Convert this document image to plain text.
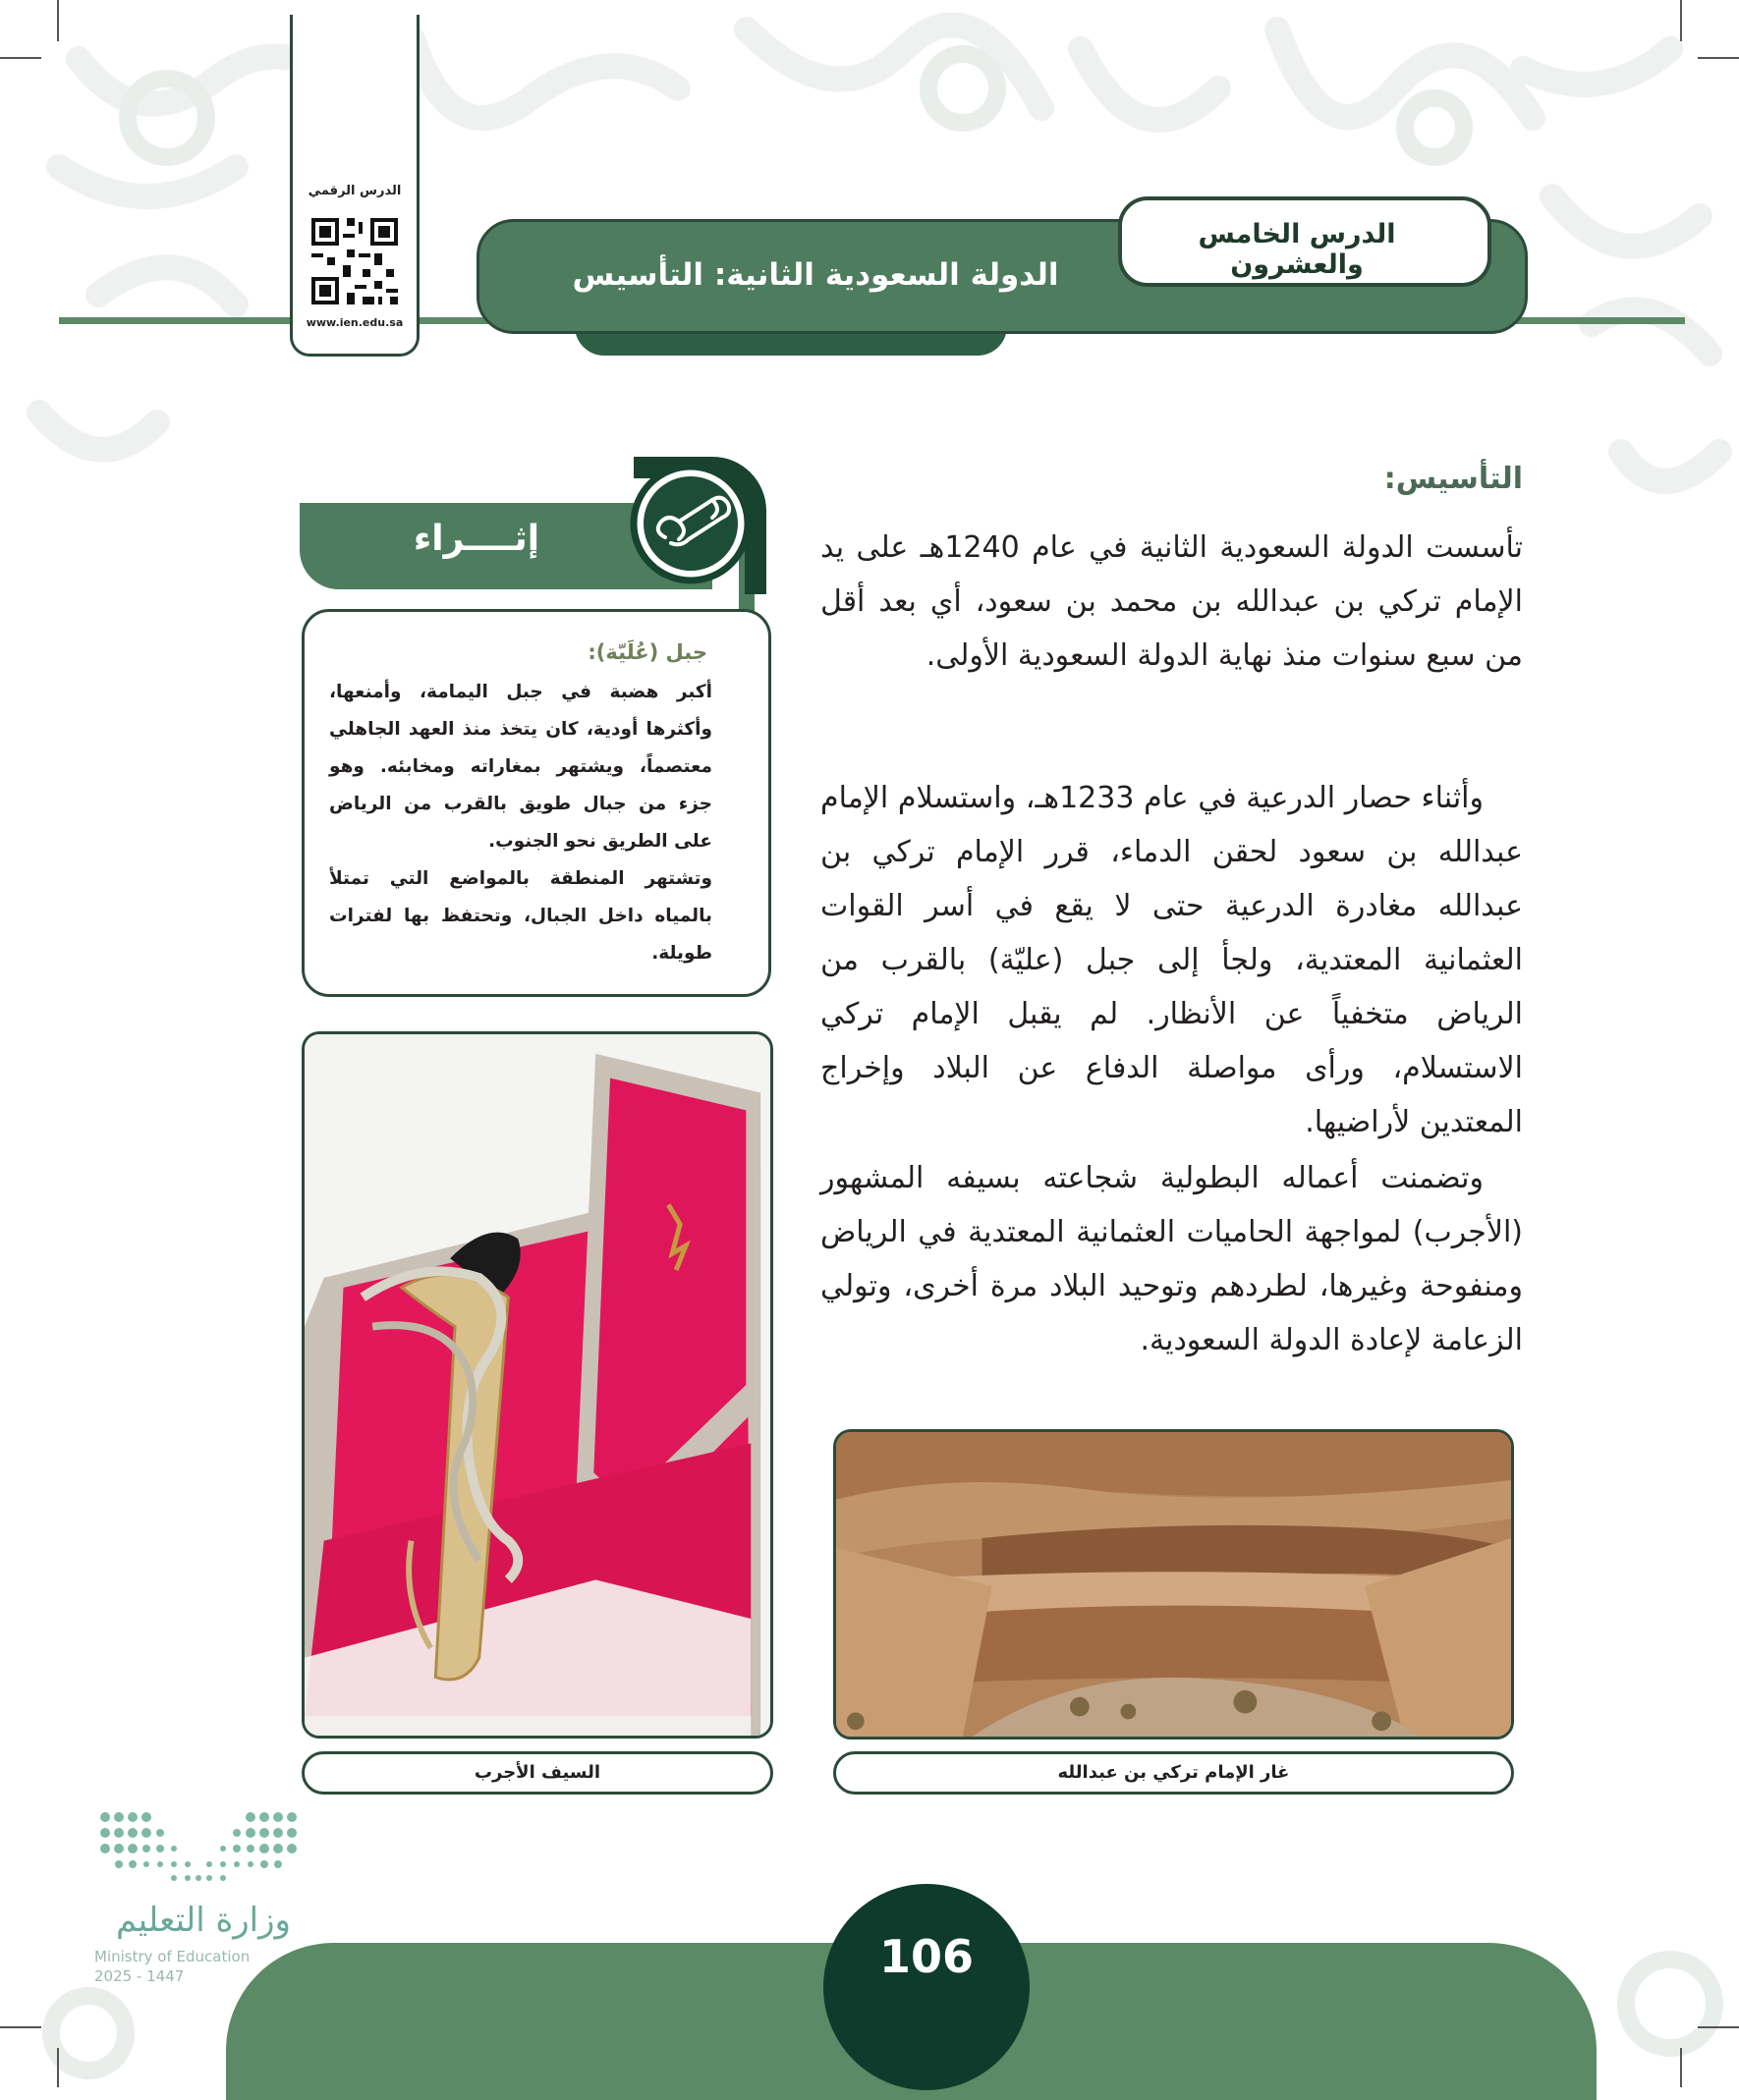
الدولة السعودية الثانية: التأسيس
الدرس الخامس والعشرون
الدرس الرقمي
www.ien.edu.sa
التأسيس:
تأسست الدولة السعودية الثانية في عام 1240هـ على يد الإمام تركي بن عبدالله بن محمد بن سعود، أي بعد أقل من سبع سنوات منذ نهاية الدولة السعودية الأولى.
وأثناء حصار الدرعية في عام 1233هـ، واستسلام الإمام عبدالله بن سعود لحقن الدماء، قرر الإمام تركي بن عبدالله مغادرة الدرعية حتى لا يقع في أسر القوات العثمانية المعتدية، ولجأ إلى جبل (عليّة) بالقرب من الرياض متخفياً عن الأنظار. لم يقبل الإمام تركي الاستسلام، ورأى مواصلة الدفاع عن البلاد وإخراج المعتدين لأراضيها.
وتضمنت أعماله البطولية شجاعته بسيفه المشهور (الأجرب) لمواجهة الحاميات العثمانية المعتدية في الرياض ومنفوحة وغيرها، لطردهم وتوحيد البلاد مرة أخرى، وتولي الزعامة لإعادة الدولة السعودية.
إثــــراء
جبل (عُلَيّة):
أكبر هضبة في جبل اليمامة، وأمنعها، وأكثرها أودية، كان يتخذ منذ العهد الجاهلي معتصماً، ويشتهر بمغاراته ومخابئه. وهو جزء من جبال طويق بالقرب من الرياض على الطريق نحو الجنوب.
وتشتهر المنطقة بالمواضع التي تمتلأ بالمياه داخل الجبال، وتحتفظ بها لفترات طويلة.
السيف الأجرب	غار الإمام تركي بن عبدالله
وزارة التعليم
Ministry of Education
2025 - 1447	106
